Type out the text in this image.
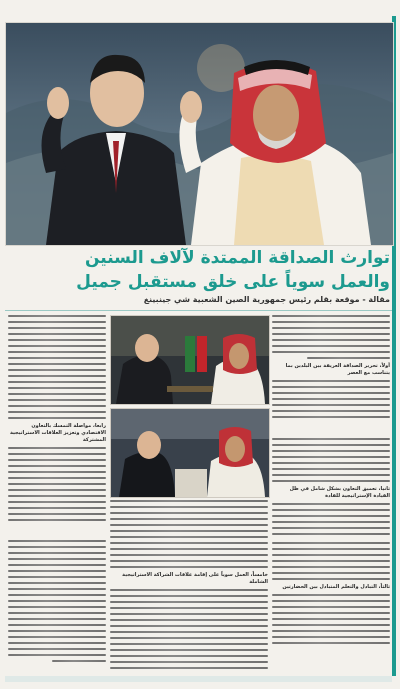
توارث الصداقة الممتدة لآلاف السنين
والعمل سوياً على خلق مستقبل جميل

مقالة - موقعة بقلم رئيس جمهورية الصين الشعبية شي جينبينغ

أولاً، تحرير الصداقة العريقة بين البلدين بما يتناسب مع العصر
رابعا، مواصلة التمسك بالتعاون الاقتصادي وتعزيز العلاقات الاستراتيجية المشتركة
ثانيا، تعميق التعاون بشكل شامل في ظل القيادة الإستراتيجية للقادة
خامساً، العمل سوياً على إقامة علاقات الشراكة الاستراتيجية الشاملة
ثالثاً، التبادل والتعلم المتبادل بين الحضارتين
